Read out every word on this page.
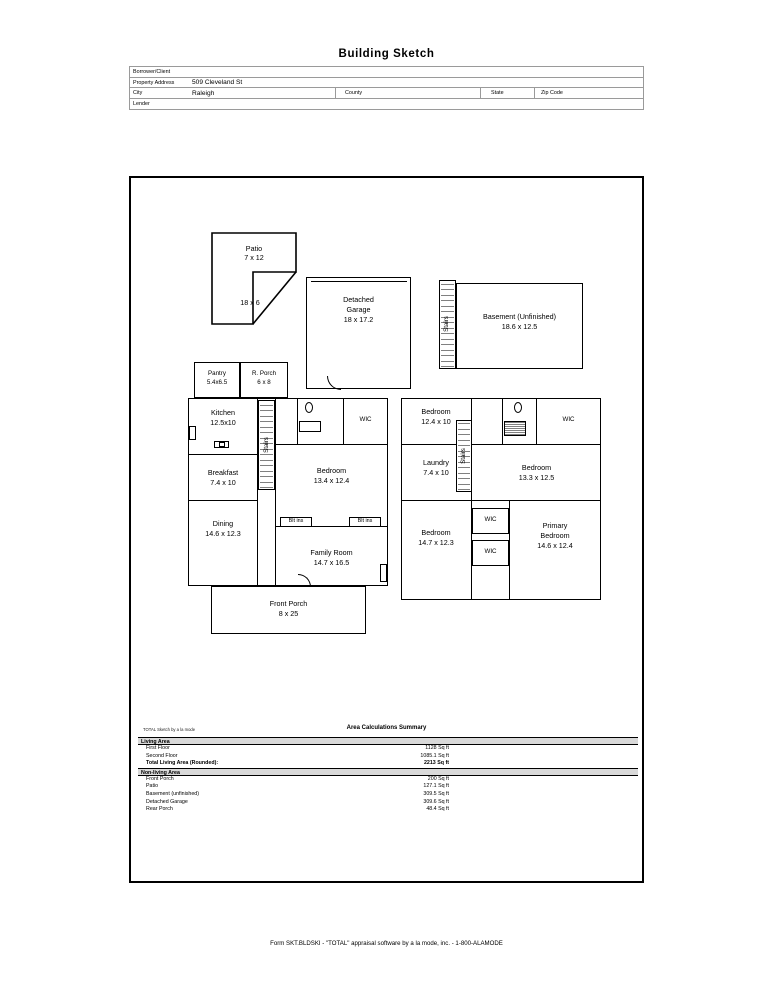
Building Sketch
Borrower/Client
Property Address	509 Cleveland St
City	Raleigh	County	State	Zip Code
Lender
Patio
7 x 12
18 x 6	Detached
Garage
18 x 17.2	Stairs	Basement (Unfinished)
18.6 x 12.5
Pantry
5.4x6.5
R. Porch
6 x 8
Kitchen
12.5x10
Breakfast
7.4 x 10
Dining
14.6 x 12.3
Stairs
WIC
Bedroom
13.4 x 12.4
Blt ins	Blt ins
Family Room
14.7 x 16.5
Front Porch
8 x 25
WIC
Bedroom
12.4 x 10
Stairs
Bedroom
13.3 x 12.5
Laundry
7.4 x 10
Bedroom
14.7 x 12.3
WIC
WIC
Primary
Bedroom
14.6 x 12.4
TOTAL Sketch by a la mode	Area Calculations Summary
Living Area
First Floor	1128 Sq ft
Second Floor	1085.1 Sq ft
Total Living Area (Rounded):	2213 Sq ft
Non-living Area
Front Porch	200 Sq ft
Patio	127.1 Sq ft
Basement (unfinished)	309.5 Sq ft
Detached Garage	309.6 Sq ft
Rear Porch	48.4 Sq ft
Form SKT.BLDSKI - "TOTAL" appraisal software by a la mode, inc. - 1-800-ALAMODE
